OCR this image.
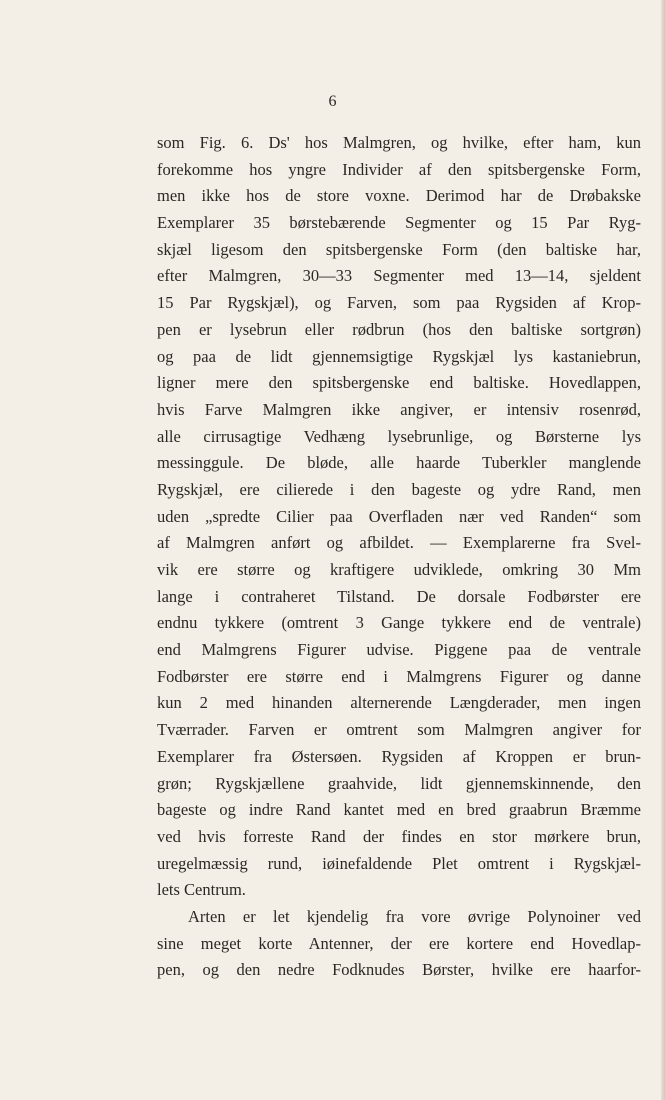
6
som Fig. 6. Ds' hos Malmgren, og hvilke, efter ham, kun
forekomme hos yngre Individer af den spitsbergenske Form,
men ikke hos de store voxne. Derimod har de Drøbakske
Exemplarer 35 børstebærende Segmenter og 15 Par Ryg-
skjæl ligesom den spitsbergenske Form (den baltiske har,
efter Malmgren, 30—33 Segmenter med 13—14, sjeldent
15 Par Rygskjæl), og Farven, som paa Rygsiden af Krop-
pen er lysebrun eller rødbrun (hos den baltiske sortgrøn)
og paa de lidt gjennemsigtige Rygskjæl lys kastaniebrun,
ligner mere den spitsbergenske end baltiske. Hovedlappen,
hvis Farve Malmgren ikke angiver, er intensiv rosenrød,
alle cirrusagtige Vedhæng lysebrunlige, og Børsterne lys
messinggule. De bløde, alle haarde Tuberkler manglende
Rygskjæl, ere cilierede i den bageste og ydre Rand, men
uden „spredte Cilier paa Overfladen nær ved Randen“ som
af Malmgren anført og afbildet. — Exemplarerne fra Svel-
vik ere større og kraftigere udviklede, omkring 30 Mm
lange i contraheret Tilstand. De dorsale Fodbørster ere
endnu tykkere (omtrent 3 Gange tykkere end de ventrale)
end Malmgrens Figurer udvise. Piggene paa de ventrale
Fodbørster ere større end i Malmgrens Figurer og danne
kun 2 med hinanden alternerende Længderader, men ingen
Tværrader. Farven er omtrent som Malmgren angiver for
Exemplarer fra Østersøen. Rygsiden af Kroppen er brun-
grøn; Rygskjællene graahvide, lidt gjennemskinnende, den
bageste og indre Rand kantet med en bred graabrun Bræmme
ved hvis forreste Rand der findes en stor mørkere brun,
uregelmæssig rund, iøinefaldende Plet omtrent i Rygskjæl-
lets Centrum.
Arten er let kjendelig fra vore øvrige Polynoiner ved
sine meget korte Antenner, der ere kortere end Hovedlap-
pen, og den nedre Fodknudes Børster, hvilke ere haarfor-
